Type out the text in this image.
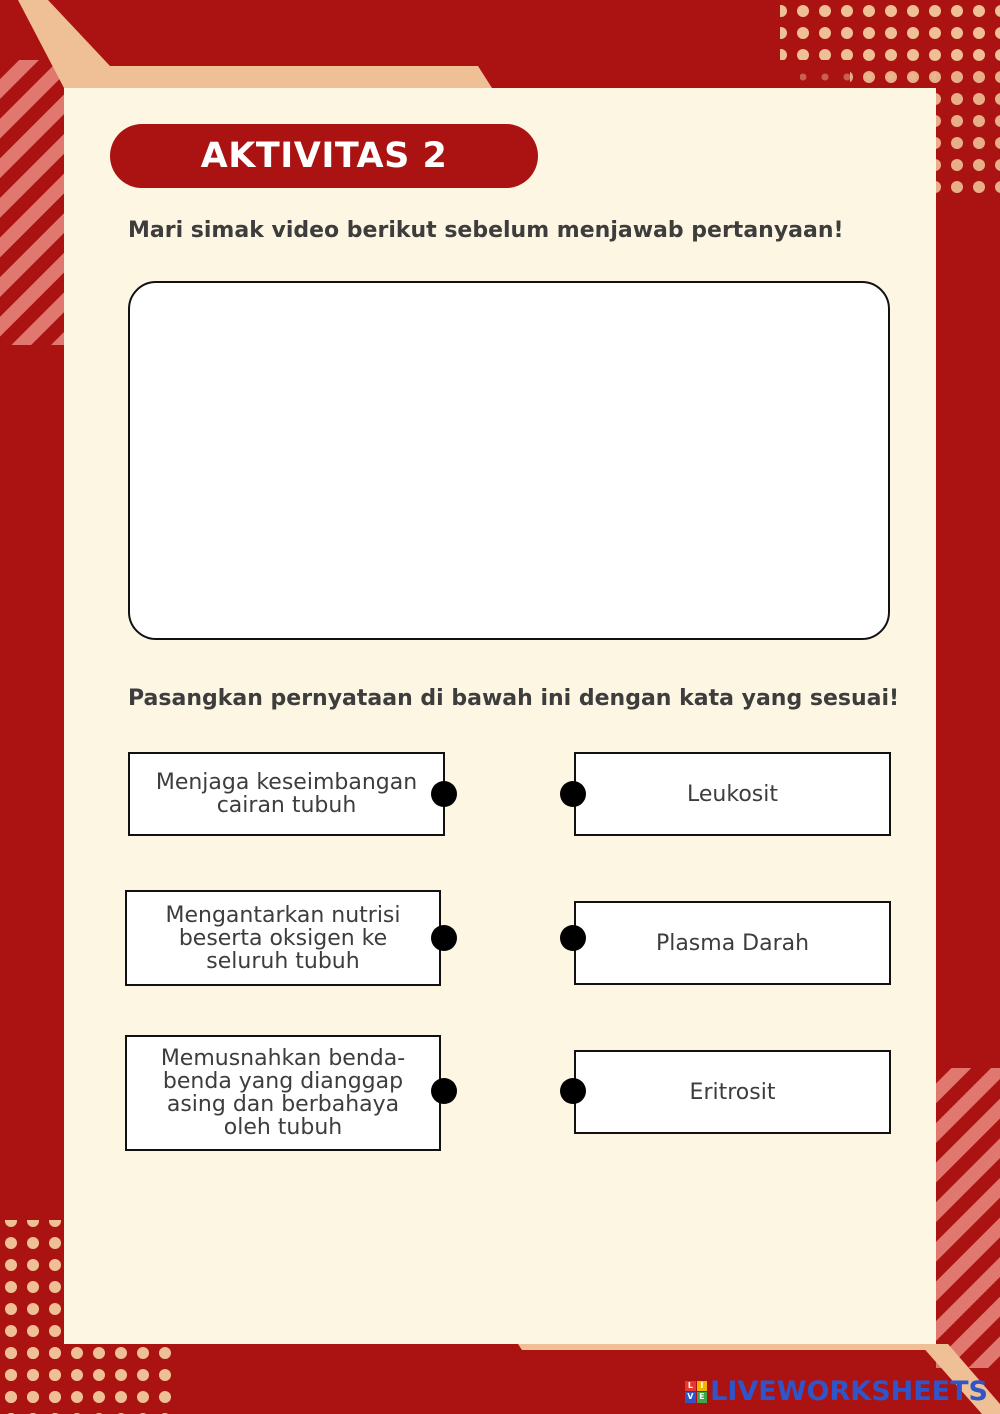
AKTIVITAS 2
Mari simak video berikut sebelum menjawab pertanyaan!
Pasangkan pernyataan di bawah ini dengan kata yang sesuai!
Menjaga keseimbangan cairan tubuh
Mengantarkan nutrisi beserta oksigen ke seluruh tubuh
Memusnahkan benda-benda yang dianggap asing dan berbahaya oleh tubuh
Leukosit
Plasma Darah
Eritrosit
L I
V E LIVEWORKSHEETS
